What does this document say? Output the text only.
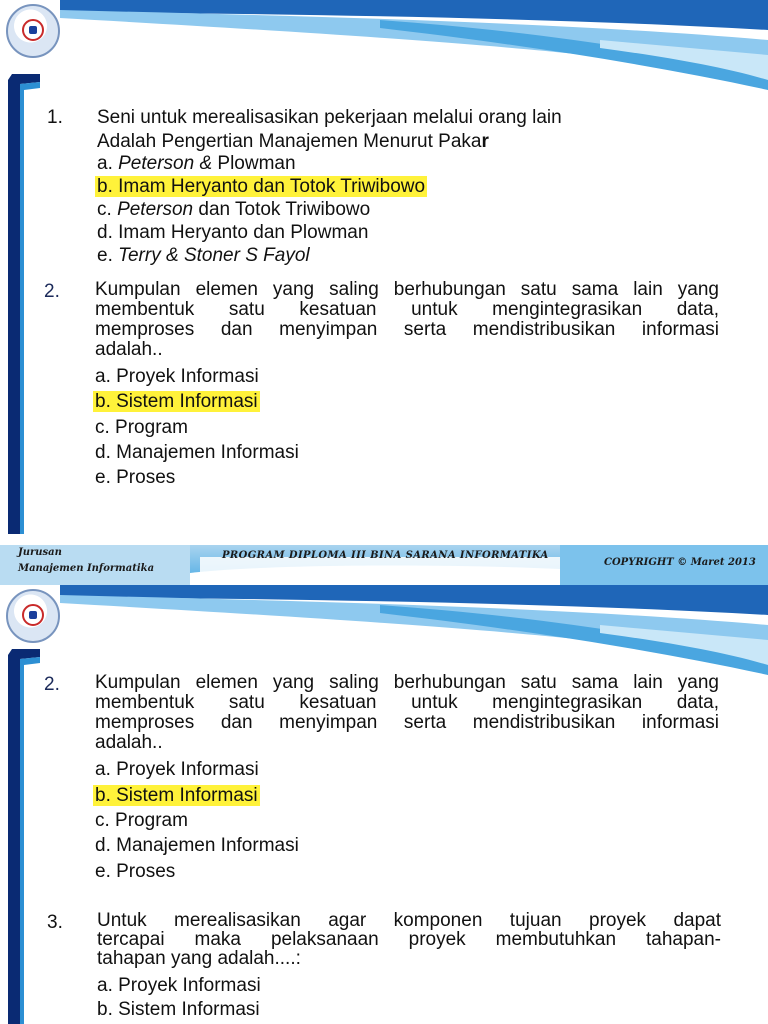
1. Seni untuk merealisasikan pekerjaan melalui orang lain
Adalah Pengertian Manajemen Menurut Pakar
a. Peterson & Plowman
b. Imam Heryanto dan Totok Triwibowo
c. Peterson dan Totok Triwibowo
d. Imam Heryanto dan Plowman
e. Terry & Stoner S Fayol
2. Kumpulan elemen yang saling berhubungan satu sama lain yang
membentuk satu kesatuan untuk mengintegrasikan data,
memproses dan menyimpan serta mendistribusikan informasi
adalah..
a. Proyek Informasi
b. Sistem Informasi
c. Program
d. Manajemen Informasi
e. Proses
Jurusan
Manajemen Informatika
PROGRAM DIPLOMA III BINA SARANA INFORMATIKA
COPYRIGHT © Maret 2013
2. Kumpulan elemen yang saling berhubungan satu sama lain yang
membentuk satu kesatuan untuk mengintegrasikan data,
memproses dan menyimpan serta mendistribusikan informasi
adalah..
a. Proyek Informasi
b. Sistem Informasi
c. Program
d. Manajemen Informasi
e. Proses
3. Untuk merealisasikan agar komponen tujuan proyek dapat
tercapai maka pelaksanaan proyek membutuhkan tahapan-
tahapan yang adalah....:
a. Proyek Informasi
b. Sistem Informasi
